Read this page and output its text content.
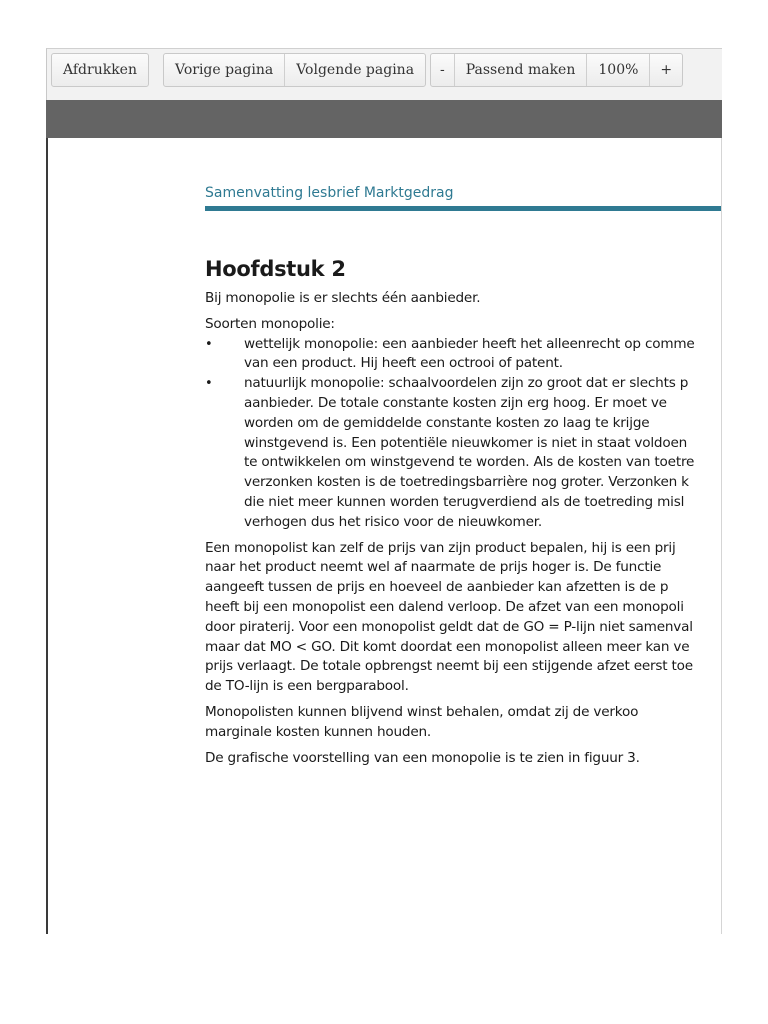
Afdrukken	Vorige pagina	Volgende pagina	-	Passend maken	100%	+
Samenvatting lesbrief Marktgedrag

Hoofdstuk 2

Bij monopolie is er slechts één aanbieder.

Soorten monopolie:

• wettelijk monopolie: een aanbieder heeft het alleenrecht op comme

van een product. Hij heeft een octrooi of patent.

• natuurlijk monopolie: schaalvoordelen zijn zo groot dat er slechts p

aanbieder. De totale constante kosten zijn erg hoog. Er moet ve

worden om de gemiddelde constante kosten zo laag te krijge

winstgevend is. Een potentiële nieuwkomer is niet in staat voldoen

te ontwikkelen om winstgevend te worden. Als de kosten van toetre

verzonken kosten is de toetredingsbarrière nog groter. Verzonken k

die niet meer kunnen worden terugverdiend als de toetreding misl

verhogen dus het risico voor de nieuwkomer.

Een monopolist kan zelf de prijs van zijn product bepalen, hij is een prij

naar het product neemt wel af naarmate de prijs hoger is. De functie

aangeeft tussen de prijs en hoeveel de aanbieder kan afzetten is de p

heeft bij een monopolist een dalend verloop. De afzet van een monopoli

door piraterij. Voor een monopolist geldt dat de GO = P-lijn niet samenval

maar dat MO < GO. Dit komt doordat een monopolist alleen meer kan ve

prijs verlaagt. De totale opbrengst neemt bij een stijgende afzet eerst toe

de TO-lijn is een bergparabool.

Monopolisten kunnen blijvend winst behalen, omdat zij de verkoo

marginale kosten kunnen houden.

De grafische voorstelling van een monopolie is te zien in figuur 3.
